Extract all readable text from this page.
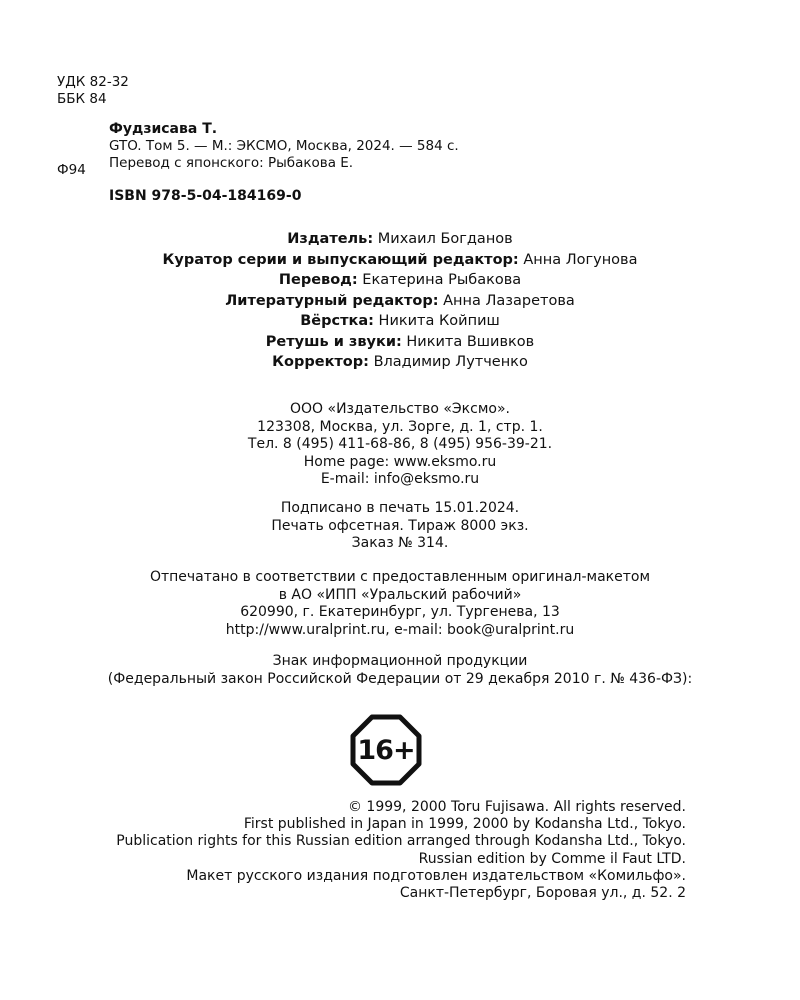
УДК 82-32
ББК 84
Ф94
Фудзисава Т.
GTO. Том 5. — М.: ЭКСМО, Москва, 2024. — 584 с.
Перевод с японского: Рыбакова Е.
ISBN 978-5-04-184169-0
Издатель: Михаил Богданов
Куратор серии и выпускающий редактор: Анна Логунова
Перевод: Екатерина Рыбакова
Литературный редактор: Анна Лазаретова
Вёрстка: Никита Койпиш
Ретушь и звуки: Никита Вшивков
Корректор: Владимир Лутченко
ООО «Издательство «Эксмо».
123308, Москва, ул. Зорге, д. 1, стр. 1.
Тел. 8 (495) 411-68-86, 8 (495) 956-39-21.
Home page: www.eksmo.ru
E-mail: info@eksmo.ru
Подписано в печать 15.01.2024.
Печать офсетная. Тираж 8000 экз.
Заказ № 314.
Отпечатано в соответствии с предоставленным оригинал-макетом
в АО «ИПП «Уральский рабочий»
620990, г. Екатеринбург, ул. Тургенева, 13
http://www.uralprint.ru, e-mail: book@uralprint.ru
Знак информационной продукции
(Федеральный закон Российской Федерации от 29 декабря 2010 г. № 436-ФЗ):
16+
© 1999, 2000 Toru Fujisawa. All rights reserved.
First published in Japan in 1999, 2000 by Kodansha Ltd., Tokyo.
Publication rights for this Russian edition arranged through Kodansha Ltd., Tokyo.
Russian edition by Comme il Faut LTD.
Макет русского издания подготовлен издательством «Комильфо».
Санкт-Петербург, Боровая ул., д. 52. 2
